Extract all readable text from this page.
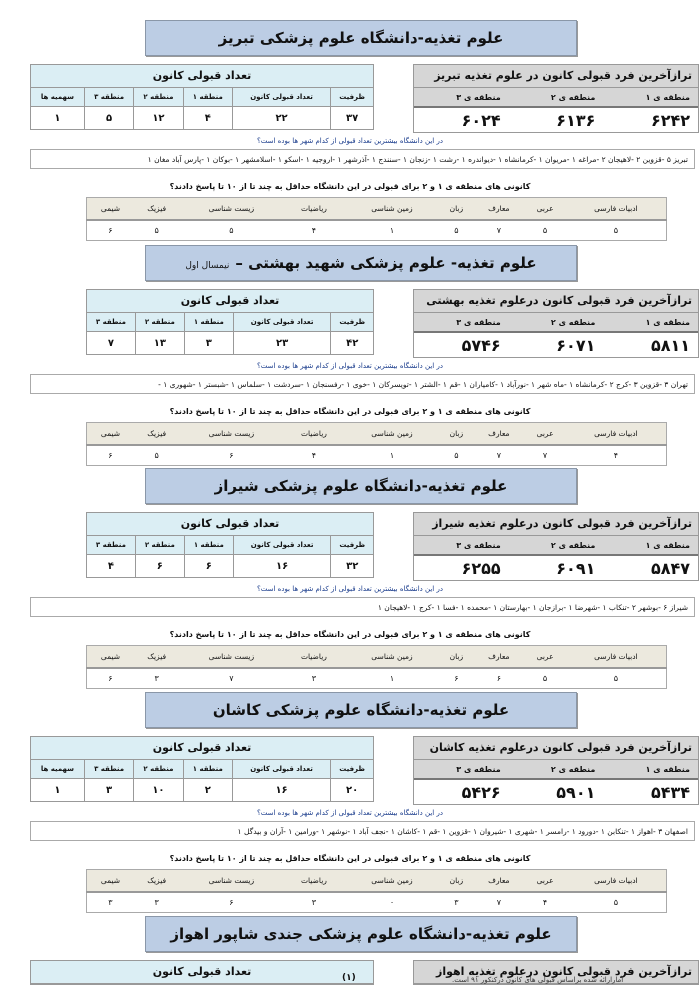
علوم تغذیه-دانشگاه علوم پزشکی تبریز
ترازآخرین فرد قبولی کانون در علوم تغذیه تبریز
منطقه ی ۱	منطقه ی ۲	منطقه ی ۳
۶۲۴۲	۶۱۳۶	۶۰۲۴
تعداد قبولی کانون
ظرفیت	تعداد قبولی کانون	منطقه ۱	منطقه ۲	منطقه ۳	سهمیه ها
۳۷	۲۲	۴	۱۲	۵	۱
در این دانشگاه بیشترین تعداد قبولی از کدام شهر ها بوده است؟
تبریز ۵ -قزوین ۲ -لاهیجان ۲ -مراغه ۱ -مریوان ۱ -کرمانشاه ۱ -دیواندره ۱ -رشت ۱ -زنجان ۱ -سنندج ۱ -آذرشهر ۱ -اروجیه ۱ -اسکو ۱ -اسلامشهر ۱ -بوکان ۱ -پارس آباد مغان ۱
کانونی های منطقه ی ۱ و ۲ برای قبولی در این دانشگاه حداقل به چند تا از ۱۰ تا پاسخ دادند؟
ادبیات فارسی	عربی	معارف	زبان	زمین شناسی	ریاضیات	زیست شناسی	فیزیک	شیمی
۵	۵	۷	۵	۱	۴	۵	۵	۶
علوم تغذیه- علوم پزشکی شهید بهشتی –نیمسال اول
ترازآخرین فرد قبولی کانون درعلوم تغذیه بهشتی
منطقه ی ۱	منطقه ی ۲	منطقه ی ۳
۵۸۱۱	۶۰۷۱	۵۷۴۶
تعداد قبولی کانون
ظرفیت	تعداد قبولی کانون	منطقه ۱	منطقه ۲	منطقه ۳
۴۲	۲۳	۳	۱۳	۷
در این دانشگاه بیشترین تعداد قبولی از کدام شهر ها بوده است؟
تهران ۳ -قزوین ۳ -کرج ۲ -کرمانشاه ۱ -ماه شهر ۱ -نورآباد ۱ -کامیاران ۱ -قم ۱ -الشتر ۱ -تویسرکان ۱ -خوی ۱ -رفسنجان ۱ -سردشت ۱ -سلماس ۱ -شبستر ۱ -شهوری ۱ -
کانونی های منطقه ی ۱ و ۲ برای قبولی در این دانشگاه حداقل به چند تا از ۱۰ تا پاسخ دادند؟
ادبیات فارسی	عربی	معارف	زبان	زمین شناسی	ریاضیات	زیست شناسی	فیزیک	شیمی
۴	۷	۷	۵	۱	۴	۶	۵	۶
علوم تغذیه-دانشگاه علوم پزشکی شیراز
ترازآخرین فرد قبولی کانون درعلوم تغذیه شیراز
منطقه ی ۱	منطقه ی ۲	منطقه ی ۳
۵۸۴۷	۶۰۹۱	۶۲۵۵
تعداد قبولی کانون
ظرفیت	تعداد قبولی کانون	منطقه ۱	منطقه ۲	منطقه ۳
۳۲	۱۶	۶	۶	۴
در این دانشگاه بیشترین تعداد قبولی از کدام شهر ها بوده است؟
شیراز ۶ -بوشهر ۲ -تنکاب ۱ -شهرضا ۱ -برازجان ۱ -بهارستان ۱ -محمده ۱ -فسا ۱ -کرج ۱ -لاهیجان ۱
کانونی های منطقه ی ۱ و ۲ برای قبولی در این دانشگاه حداقل به چند تا از ۱۰ تا پاسخ دادند؟
ادبیات فارسی	عربی	معارف	زبان	زمین شناسی	ریاضیات	زیست شناسی	فیزیک	شیمی
۵	۵	۶	۶	۱	۳	۷	۳	۶
علوم تغذیه-دانشگاه علوم پزشکی کاشان
ترازآخرین فرد قبولی کانون درعلوم تغذیه کاشان
منطقه ی ۱	منطقه ی ۲	منطقه ی ۳
۵۴۳۴	۵۹۰۱	۵۴۲۶
تعداد قبولی کانون
ظرفیت	تعداد قبولی کانون	منطقه ۱	منطقه ۲	منطقه ۳	سهمیه ها
۲۰	۱۶	۲	۱۰	۳	۱
در این دانشگاه بیشترین تعداد قبولی از کدام شهر ها بوده است؟
اصفهان ۳ -اهواز ۱ -تنکابن ۱ -دورود ۱ -رامسر ۱ -شهری ۱ -شیروان ۱ -قزوین ۱ -قم ۱ -کاشان ۱ -نجف آباد ۱ -نوشهر ۱ -ورامین ۱ -آران و بیدگل ۱
کانونی های منطقه ی ۱ و ۲ برای قبولی در این دانشگاه حداقل به چند تا از ۱۰ تا پاسخ دادند؟
ادبیات فارسی	عربی	معارف	زبان	زمین شناسی	ریاضیات	زیست شناسی	فیزیک	شیمی
۵	۴	۷	۳	۰	۳	۶	۳	۳
علوم تغذیه-دانشگاه علوم پزشکی جندی شاپور اهواز
ترازآخرین فرد قبولی کانون درعلوم تغذیه اهواز
تعداد قبولی کانون	(۱)	آمارارائه شده براساس قبولی های کانون درکنکور ۹۱ است.
